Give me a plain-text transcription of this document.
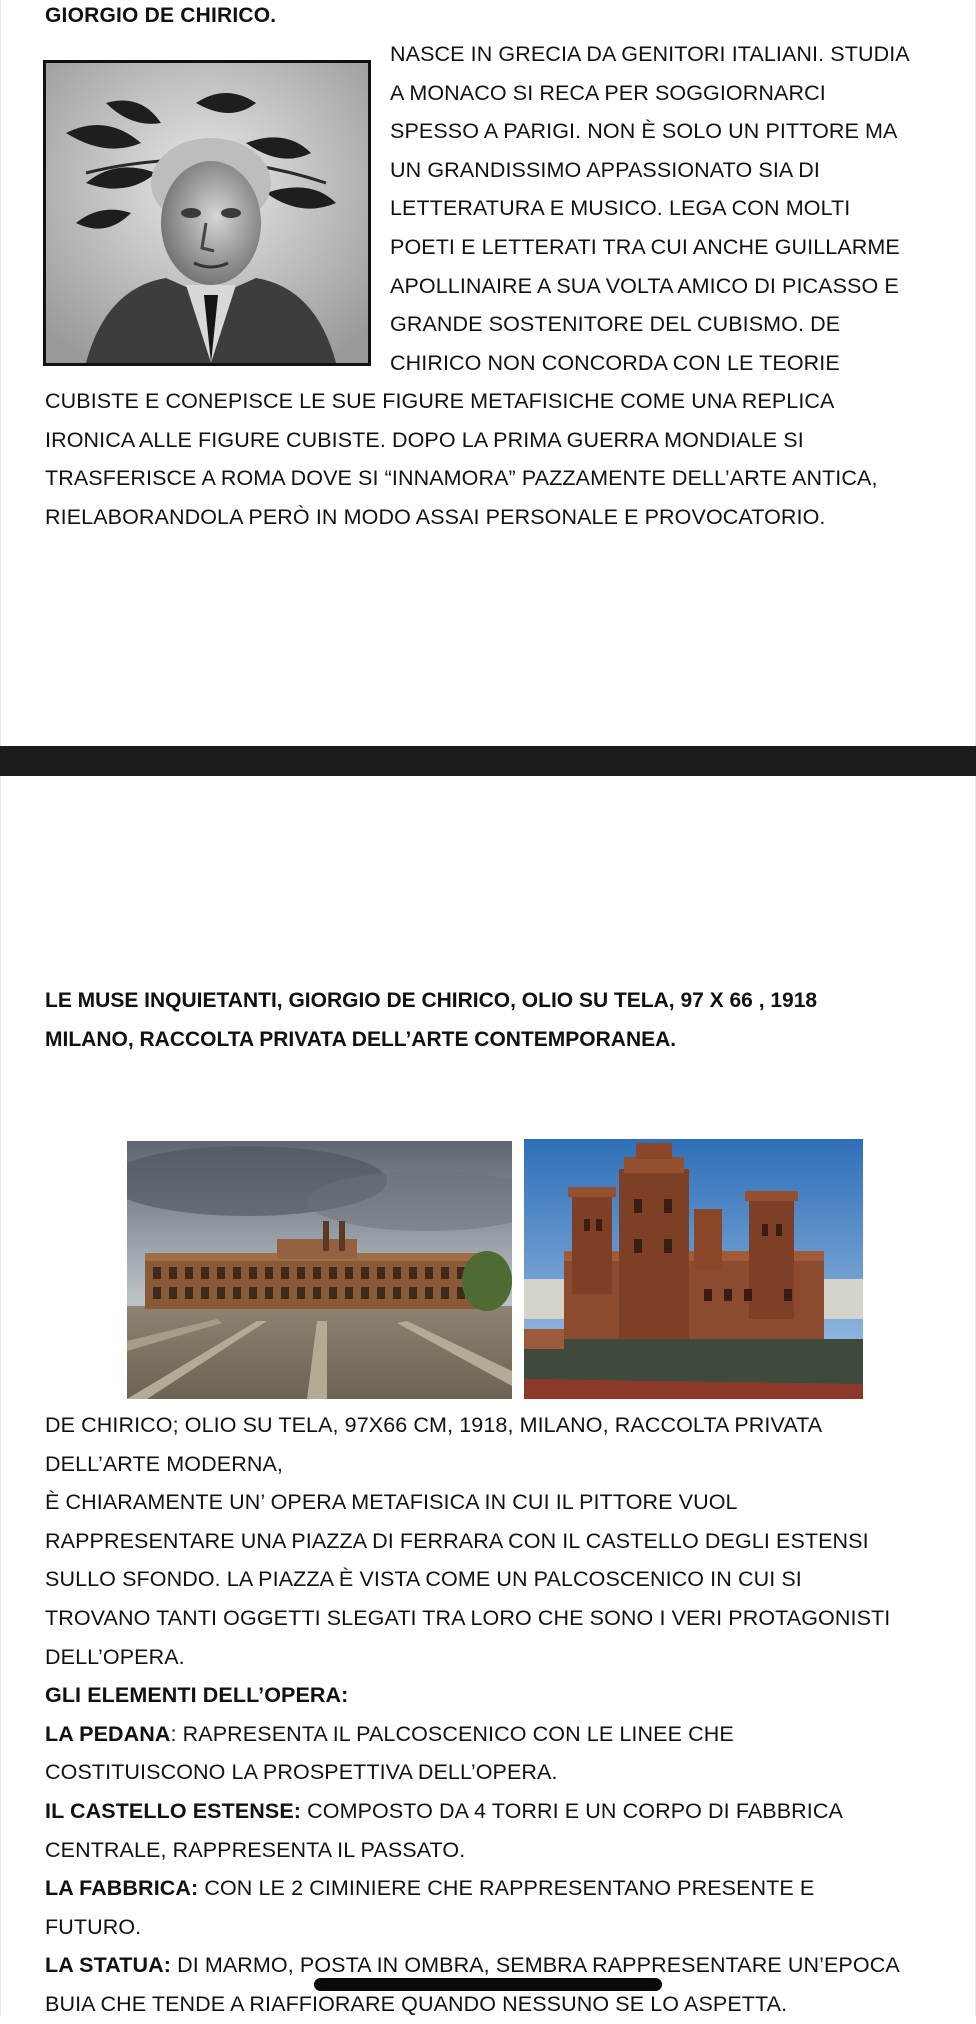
GIORGIO DE CHIRICO.
NASCE IN GRECIA DA GENITORI ITALIANI. STUDIA
A MONACO SI RECA PER SOGGIORNARCI
SPESSO A PARIGI. NON È SOLO UN PITTORE MA
UN GRANDISSIMO APPASSIONATO SIA DI
LETTERATURA E MUSICO. LEGA CON MOLTI
POETI E LETTERATI TRA CUI ANCHE GUILLARME
APOLLINAIRE A SUA VOLTA AMICO DI PICASSO E
GRANDE SOSTENITORE DEL CUBISMO. DE
CHIRICO NON CONCORDA CON LE TEORIE
CUBISTE E CONEPISCE LE SUE FIGURE METAFISICHE COME UNA REPLICA
IRONICA ALLE FIGURE CUBISTE. DOPO LA PRIMA GUERRA MONDIALE SI
TRASFERISCE A ROMA DOVE SI “INNAMORA” PAZZAMENTE DELL’ARTE ANTICA,
RIELABORANDOLA PERÒ IN MODO ASSAI PERSONALE E PROVOCATORIO.
LE MUSE INQUIETANTI, GIORGIO DE CHIRICO, OLIO SU TELA, 97 X 66 , 1918
MILANO, RACCOLTA PRIVATA DELL’ARTE CONTEMPORANEA.
DE CHIRICO; OLIO SU TELA, 97X66 CM, 1918, MILANO, RACCOLTA PRIVATA
DELL’ARTE MODERNA,
È CHIARAMENTE UN’ OPERA METAFISICA IN CUI IL PITTORE VUOL
RAPPRESENTARE UNA PIAZZA DI FERRARA CON IL CASTELLO DEGLI ESTENSI
SULLO SFONDO. LA PIAZZA È VISTA COME UN PALCOSCENICO IN CUI SI
TROVANO TANTI OGGETTI SLEGATI TRA LORO CHE SONO I VERI PROTAGONISTI
DELL’OPERA.
GLI ELEMENTI DELL’OPERA:
LA PEDANA: RAPRESENTA IL PALCOSCENICO CON LE LINEE CHE
COSTITUISCONO LA PROSPETTIVA DELL’OPERA.
IL CASTELLO ESTENSE: COMPOSTO DA 4 TORRI E UN CORPO DI FABBRICA
CENTRALE, RAPPRESENTA IL PASSATO.
LA FABBRICA: CON LE 2 CIMINIERE CHE RAPPRESENTANO PRESENTE E
FUTURO.
LA STATUA: DI MARMO, POSTA IN OMBRA, SEMBRA RAPPRESENTARE UN’EPOCA
BUIA CHE TENDE A RIAFFIORARE QUANDO NESSUNO SE LO ASPETTA.
